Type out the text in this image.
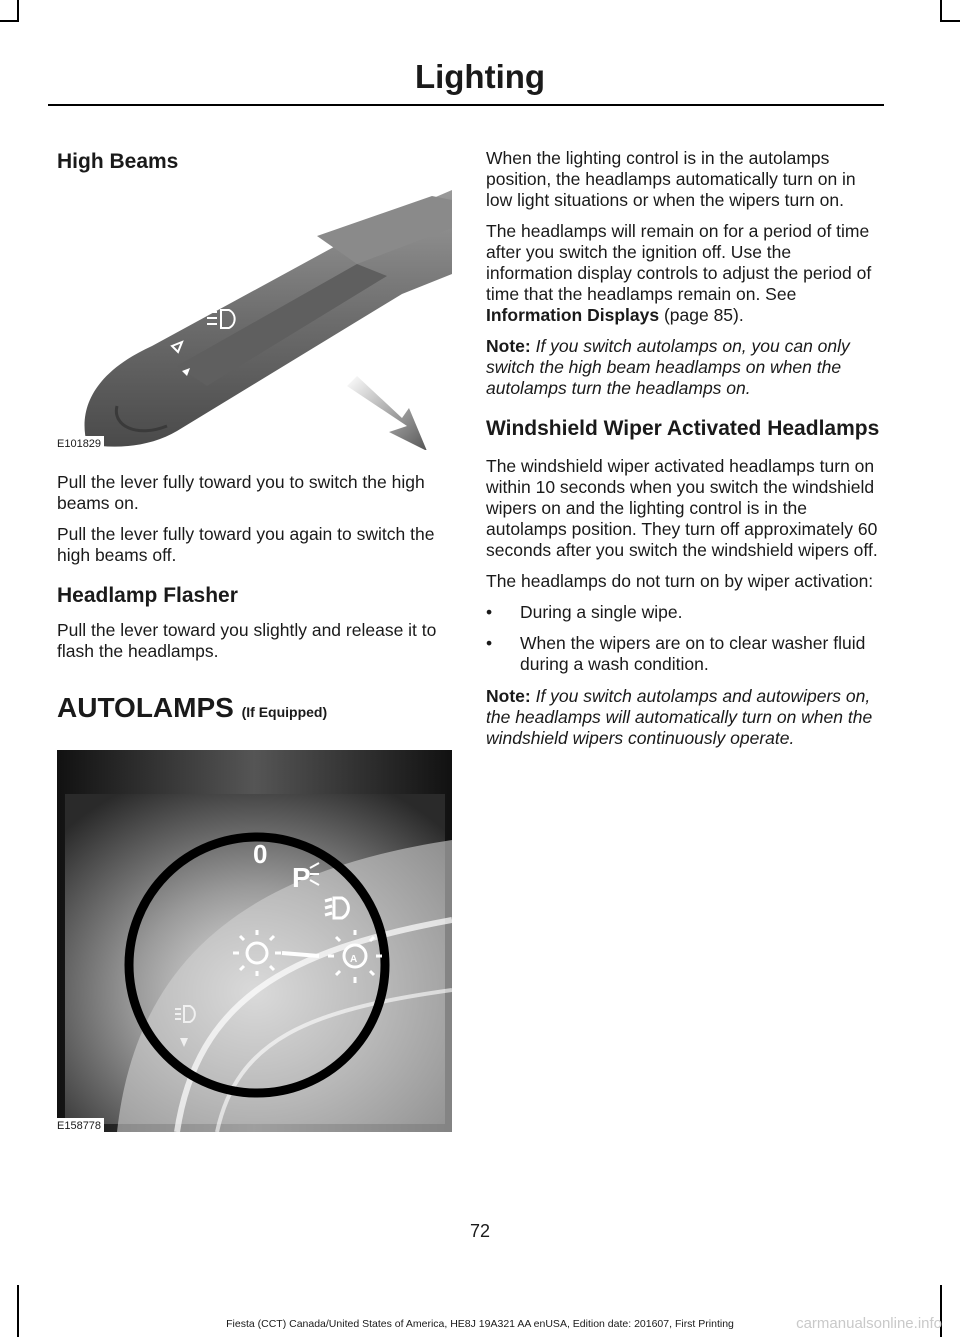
Lighting
High Beams
E101829

Pull the lever fully toward you to switch the high beams on.

Pull the lever fully toward you again to switch the high beams off.

Headlamp Flasher

Pull the lever toward you slightly and release it to flash the headlamps.

AUTOLAMPS (If Equipped)
0
P
A
E158778

When the lighting control is in the autolamps position, the headlamps automatically turn on in low light situations or when the wipers turn on.

The headlamps will remain on for a period of time after you switch the ignition off. Use the information display controls to adjust the period of time that the headlamps remain on. See Information Displays (page 85).

Note: If you switch autolamps on, you can only switch the high beam headlamps on when the autolamps turn the headlamps on.

Windshield Wiper Activated Headlamps

The windshield wiper activated headlamps turn on within 10 seconds when you switch the windshield wipers on and the lighting control is in the autolamps position. They turn off approximately 60 seconds after you switch the windshield wipers off.

The headlamps do not turn on by wiper activation:

•	During a single wipe.
•	When the wipers are on to clear washer fluid during a wash condition.

Note: If you switch autolamps and autowipers on, the headlamps will automatically turn on when the windshield wipers continuously operate.

72
Fiesta (CCT) Canada/United States of America, HE8J 19A321 AA enUSA, Edition date: 201607, First Printing	carmanualsonline.info
